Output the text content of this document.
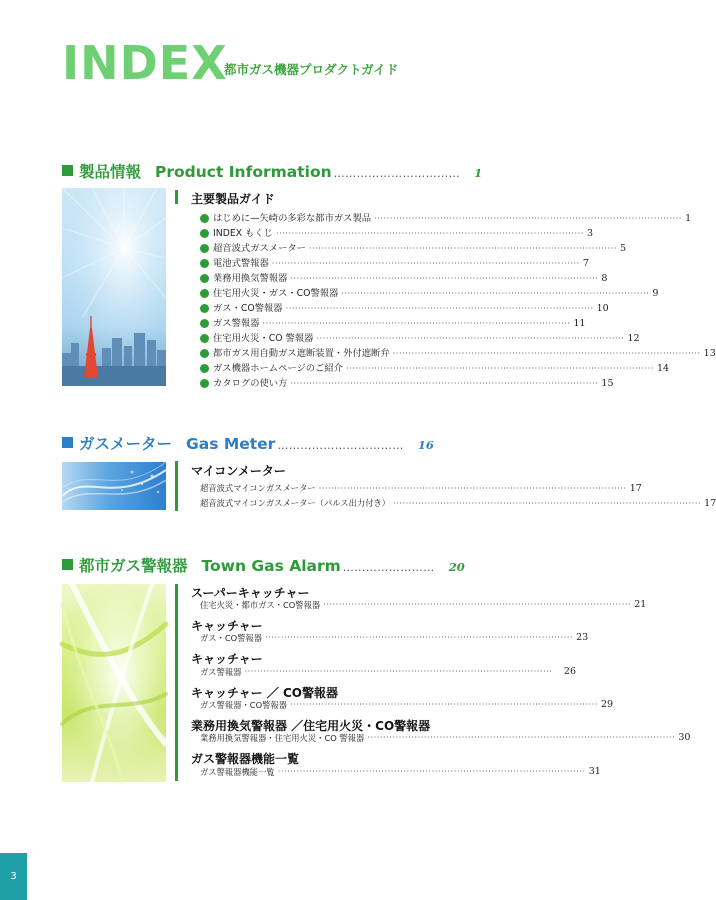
INDEX
都市ガス機器プロダクトガイド
製品情報 Product Information …………………………… 1
主要製品ガイド
はじめに—矢崎の多彩な都市ガス製品 ·································································································· 1
INDEX もくじ ·································································································· 3
超音波式ガスメーター ·································································································· 5
電池式警報器 ·································································································· 7
業務用換気警報器 ·································································································· 8
住宅用火災・ガス・CO警報器 ·································································································· 9
ガス・CO警報器 ·································································································· 10
ガス警報器 ·································································································· 11
住宅用火災・CO 警報器 ·································································································· 12
都市ガス用自動ガス遮断装置・外付遮断弁 ·································································································· 13
ガス機器ホームページのご紹介 ·································································································· 14
カタログの使い方 ·································································································· 15
ガスメーター Gas Meter …………………………… 16
マイコンメーター
超音波式マイコンガスメーター ·································································································· 17
超音波式マイコンガスメーター（パルス出力付き） ·································································································· 17
都市ガス警報器 Town Gas Alarm …………………… 20
スーパーキャッチャー
住宅火災・都市ガス・CO警報器 ·································································································· 21
キャッチャー
ガス・CO警報器 ·································································································· 23
キャッチャー
ガス警報器 ··································································································	26
キャッチャー ／ CO警報器
ガス警報器・CO警報器 ·································································································· 29
業務用換気警報器 ／住宅用火災・CO警報器
業務用換気警報器・住宅用火災・CO 警報器 ·································································································· 30
ガス警報器機能一覧
ガス警報器機能一覧 ·································································································· 31
3
